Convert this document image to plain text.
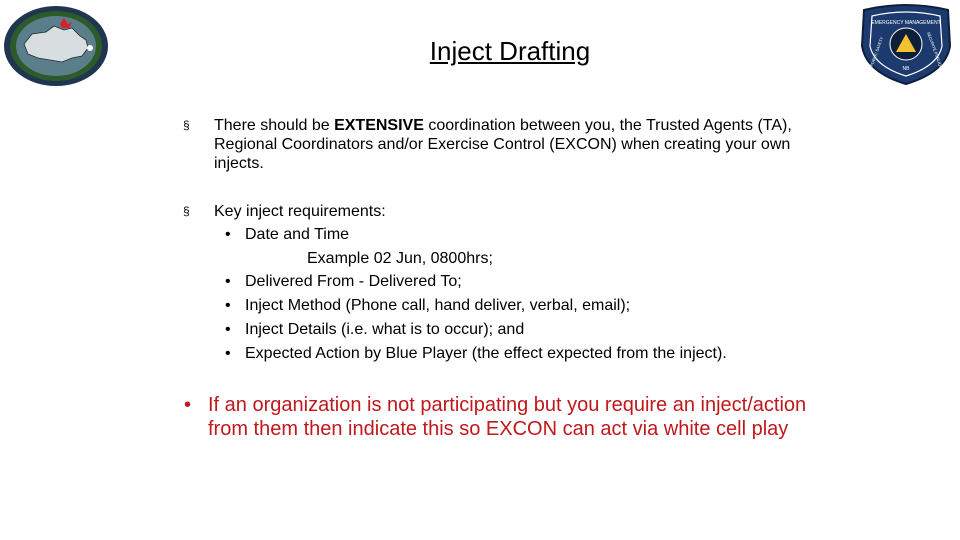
EMERGENCY MANAGEMENT
PUBLIC SAFETY	SÉCURITÉ PUBLIQUE
NB
Inject Drafting
§ There should be EXTENSIVE coordination between you, the Trusted Agents (TA), Regional Coordinators and/or Exercise Control (EXCON) when creating your own injects.
§ Key inject requirements:
• Date and Time
Example 02 Jun, 0800hrs;
• Delivered From - Delivered To;
• Inject Method (Phone call, hand deliver, verbal, email);
• Inject Details (i.e. what is to occur); and
• Expected Action by Blue Player (the effect expected from the inject).
• If an organization is not participating but you require an inject/action from them then indicate this so EXCON can act via white cell play
